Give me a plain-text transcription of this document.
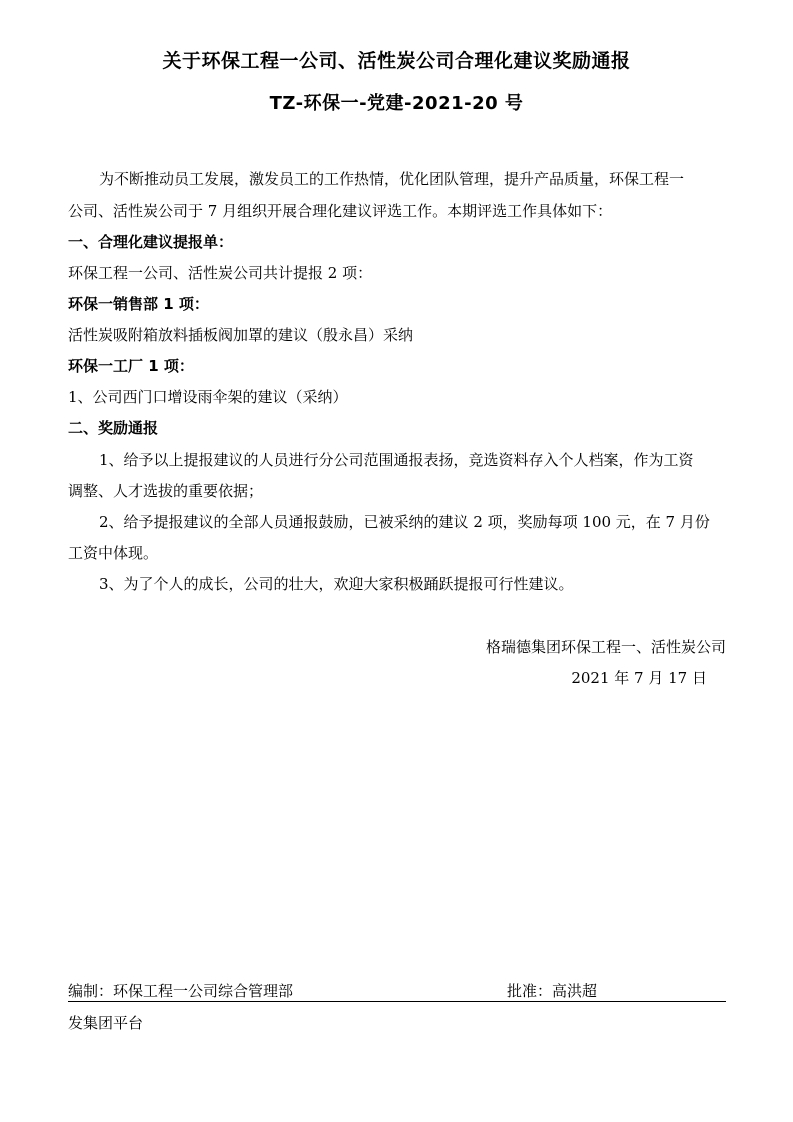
关于环保工程一公司、活性炭公司合理化建议奖励通报
TZ-环保一-党建-2021-20 号
为不断推动员工发展，激发员工的工作热情，优化团队管理，提升产品质量，环保工程一
公司、活性炭公司于 7 月组织开展合理化建议评选工作。本期评选工作具体如下：
一、合理化建议提报单：
环保工程一公司、活性炭公司共计提报 2 项：
环保一销售部 1 项：
活性炭吸附箱放料插板阀加罩的建议（殷永昌）采纳
环保一工厂 1 项：
1、公司西门口增设雨伞架的建议（采纳）
二、奖励通报
1、给予以上提报建议的人员进行分公司范围通报表扬，竞选资料存入个人档案，作为工资
调整、人才选拔的重要依据；
2、给予提报建议的全部人员通报鼓励，已被采纳的建议 2 项，奖励每项 100 元，在 7 月份
工资中体现。
3、为了个人的成长，公司的壮大，欢迎大家积极踊跃提报可行性建议。
格瑞德集团环保工程一、活性炭公司
2021 年 7 月 17 日
编制：环保工程一公司综合管理部	批准：高洪超
发集团平台
